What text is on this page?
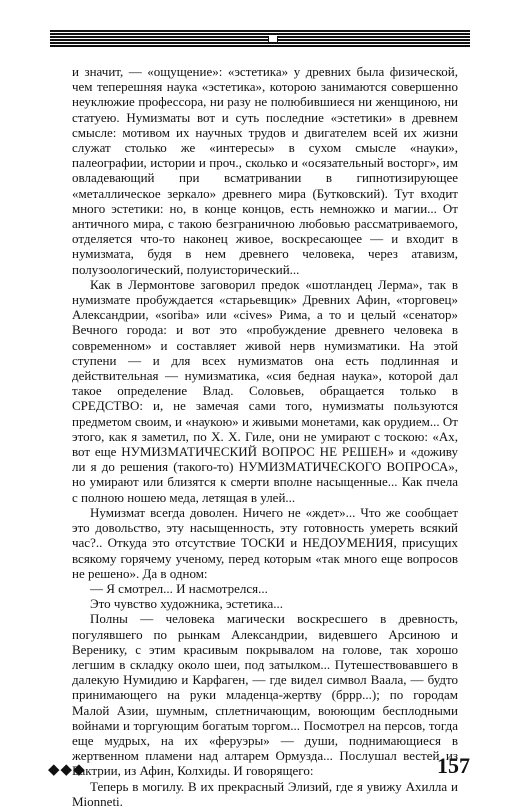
и значит, — «ощущение»: «эстетика» у древних была физической, чем теперешняя наука «эстетика», которою занимаются совершенно неуклюжие профессора, ни разу не полюбившиеся ни женщиною, ни статуею. Нумизматы вот и суть последние «эстетики» в древнем смысле: мотивом их научных трудов и двигателем всей их жизни служат столько же «интересы» в сухом смысле «науки», палеографии, истории и проч., сколько и «осязательный восторг», им овладевающий при всматривании в гипнотизирующее «металлическое зеркало» древнего мира (Бутковский). Тут входит много эстетики: но, в конце концов, есть немножко и магии... От античного мира, с такою безграничною любовью рассматриваемого, отделяется что-то наконец живое, воскресающее — и входит в нумизмата, будя в нем древнего человека, через атавизм, полузоологический, полуисторический...

Как в Лермонтове заговорил предок «шотландец Лерма», так в нумизмате пробуждается «старьевщик» Древних Афин, «торговец» Александрии, «soriba» или «cives» Рима, а то и целый «сенатор» Вечного города: и вот это «пробуждение древнего человека в современном» и составляет живой нерв нумизматики. На этой ступени — и для всех нумизматов она есть подлинная и действительная — нумизматика, «сия бедная наука», которой дал такое определение Влад. Соловьев, обращается только в СРЕДСТВО: и, не замечая сами того, нумизматы пользуются предметом своим, и «наукою» и живыми монетами, как орудием... От этого, как я заметил, по X. X. Гиле, они не умирают с тоскою: «Ах, вот еще НУМИЗМАТИЧЕСКИЙ ВОПРОС НЕ РЕШЕН» и «доживу ли я до решения (такого-то) НУМИЗМАТИЧЕСКОГО ВОПРОСА», но умирают или близятся к смерти вполне насыщенные... Как пчела с полною ношею меда, летящая в улей...

Нумизмат всегда доволен. Ничего не «ждет»... Что же сообщает это довольство, эту насыщенность, эту готовность умереть всякий час?.. Откуда это отсутствие ТОСКИ и НЕДОУМЕНИЯ, присущих всякому горячему ученому, перед которым «так много еще вопросов не решено». Да в одном:

— Я смотрел... И насмотрелся...

Это чувство художника, эстетика...

Полны — человека магически воскресшего в древность, погулявшего по рынкам Александрии, видевшего Арсиною и Веренику, с этим красивым покрывалом на голове, так хорошо легшим в складку около шеи, под затылком... Путешествовавшего в далекую Нумидию и Карфаген, — где видел символ Ваала, — будто принимающего на руки младенца-жертву (бррр...); по городам Малой Азии, шумным, сплетничающим, воюющим бесплодными войнами и торгующим богатым торгом... Посмотрел на персов, тогда еще мудрых, на их «феруэры» — души, поднимающиеся в жертвенном пламени над алтарем Ормузда... Послушал вестей из Бактрии, из Афин, Колхиды. И говорящего:

Теперь в могилу. В их прекрасный Элизий, где я увижу Ахилла и Mionneti.

◆◆◆	157
